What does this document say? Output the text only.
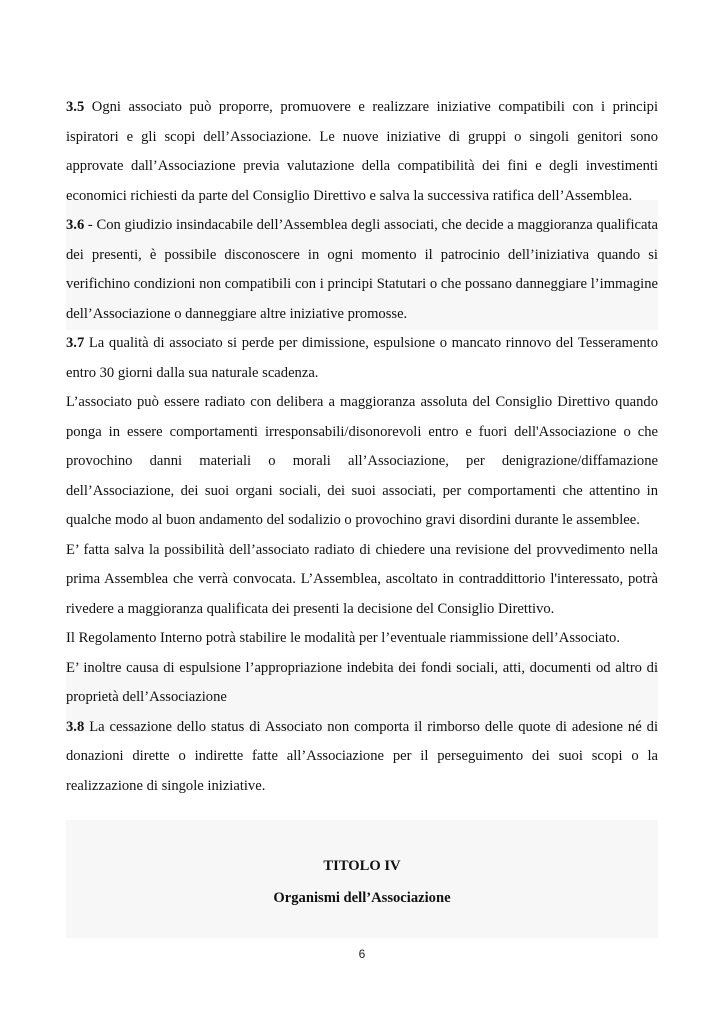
3.5 Ogni associato può proporre, promuovere e realizzare iniziative compatibili con i principi ispiratori e gli scopi dell’Associazione. Le nuove iniziative di gruppi o singoli genitori sono approvate dall’Associazione previa valutazione della compatibilità dei fini e degli investimenti economici richiesti da parte del Consiglio Direttivo e salva la successiva ratifica dell’Assemblea.

3.6 - Con giudizio insindacabile dell’Assemblea degli associati, che decide a maggioranza qualificata dei presenti, è possibile disconoscere in ogni momento il patrocinio dell’iniziativa quando si verifichino condizioni non compatibili con i principi Statutari o che possano danneggiare l’immagine dell’Associazione o danneggiare altre iniziative promosse.

3.7 La qualità di associato si perde per dimissione, espulsione o mancato rinnovo del Tesseramento entro 30 giorni dalla sua naturale scadenza.

L’associato può essere radiato con delibera a maggioranza assoluta del Consiglio Direttivo quando ponga in essere comportamenti irresponsabili/disonorevoli entro e fuori dell'Associazione o che provochino danni materiali o morali all’Associazione, per denigrazione/diffamazione dell’Associazione, dei suoi organi sociali, dei suoi associati, per comportamenti che attentino in qualche modo al buon andamento del sodalizio o provochino gravi disordini durante le assemblee.

E’ fatta salva la possibilità dell’associato radiato di chiedere una revisione del provvedimento nella prima Assemblea che verrà convocata. L’Assemblea, ascoltato in contraddittorio l'interessato, potrà rivedere a maggioranza qualificata dei presenti la decisione del Consiglio Direttivo.

Il Regolamento Interno potrà stabilire le modalità per l’eventuale riammissione dell’Associato.

E’ inoltre causa di espulsione l’appropriazione indebita dei fondi sociali, atti, documenti od altro di proprietà dell’Associazione

3.8 La cessazione dello status di Associato non comporta il rimborso delle quote di adesione né di donazioni dirette o indirette fatte all’Associazione per il perseguimento dei suoi scopi o la realizzazione di singole iniziative.

TITOLO IV
Organismi dell’Associazione
6
